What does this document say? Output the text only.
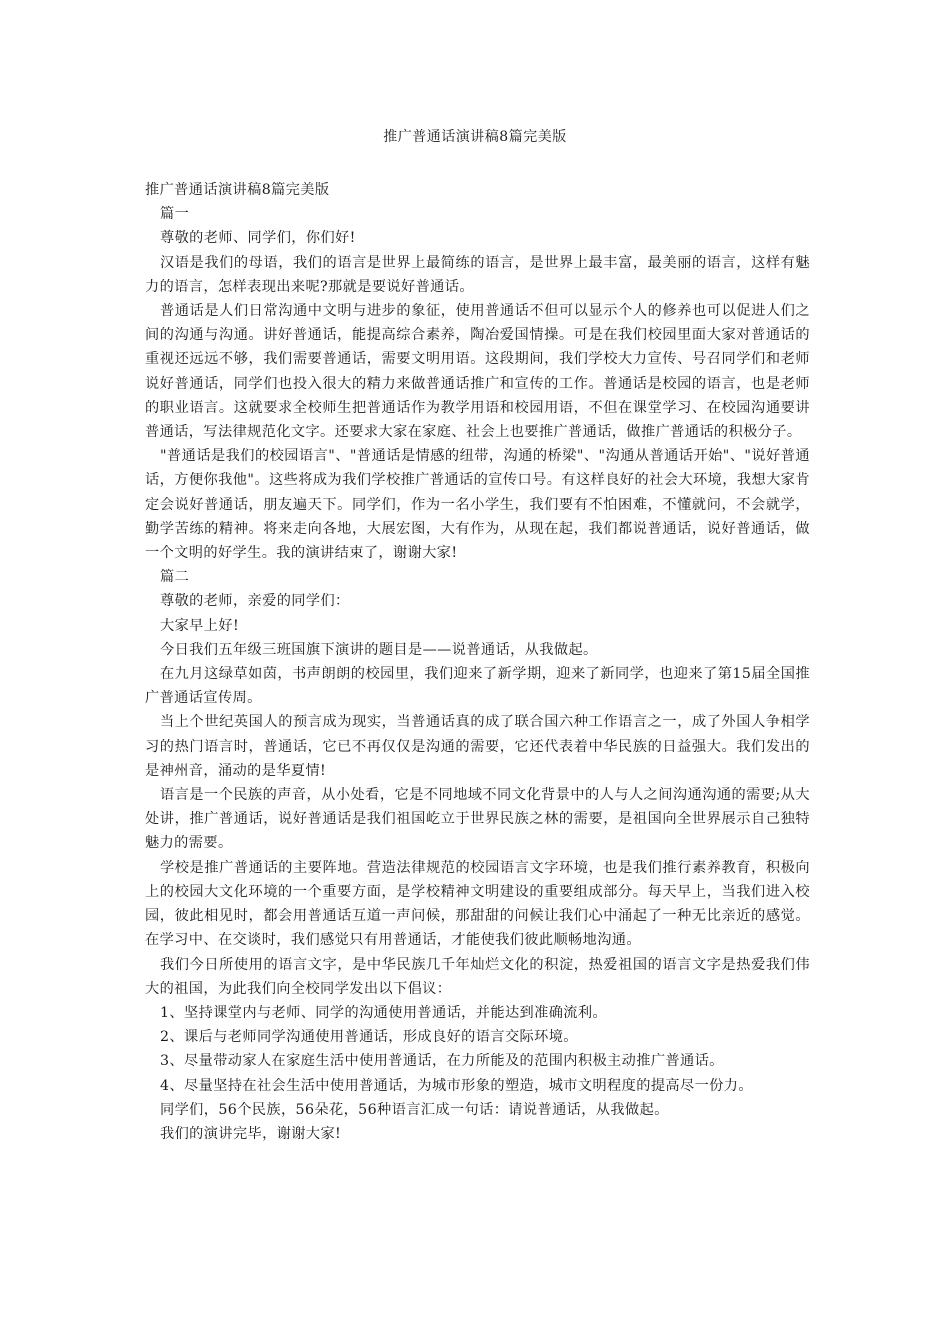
推广普通话演讲稿8篇完美版

推广普通话演讲稿8篇完美版

篇一

尊敬的老师、同学们，你们好!

汉语是我们的母语，我们的语言是世界上最简练的语言，是世界上最丰富，最美丽的语言，这样有魅力的语言，怎样表现出来呢?那就是要说好普通话。

普通话是人们日常沟通中文明与进步的象征，使用普通话不但可以显示个人的修养也可以促进人们之间的沟通与沟通。讲好普通话，能提高综合素养，陶冶爱国情操。可是在我们校园里面大家对普通话的重视还远远不够，我们需要普通话，需要文明用语。这段期间，我们学校大力宣传、号召同学们和老师说好普通话，同学们也投入很大的精力来做普通话推广和宣传的工作。普通话是校园的语言，也是老师的职业语言。这就要求全校师生把普通话作为教学用语和校园用语，不但在课堂学习、在校园沟通要讲普通话，写法律规范化文字。还要求大家在家庭、社会上也要推广普通话，做推广普通话的积极分子。

"普通话是我们的校园语言"、"普通话是情感的纽带，沟通的桥梁"、"沟通从普通话开始"、"说好普通话，方便你我他"。这些将成为我们学校推广普通话的宣传口号。有这样良好的社会大环境，我想大家肯定会说好普通话，朋友遍天下。同学们，作为一名小学生，我们要有不怕困难，不懂就问，不会就学，勤学苦练的精神。将来走向各地，大展宏图，大有作为，从现在起，我们都说普通话，说好普通话，做一个文明的好学生。我的演讲结束了，谢谢大家!

篇二

尊敬的老师，亲爱的同学们：

大家早上好!

今日我们五年级三班国旗下演讲的题目是——说普通话，从我做起。

在九月这绿草如茵，书声朗朗的校园里，我们迎来了新学期，迎来了新同学，也迎来了第15届全国推广普通话宣传周。

当上个世纪英国人的预言成为现实，当普通话真的成了联合国六种工作语言之一，成了外国人争相学习的热门语言时，普通话，它已不再仅仅是沟通的需要，它还代表着中华民族的日益强大。我们发出的是神州音，涌动的是华夏情!

语言是一个民族的声音，从小处看，它是不同地域不同文化背景中的人与人之间沟通沟通的需要;从大处讲，推广普通话，说好普通话是我们祖国屹立于世界民族之林的需要，是祖国向全世界展示自己独特魅力的需要。

学校是推广普通话的主要阵地。营造法律规范的校园语言文字环境，也是我们推行素养教育，积极向上的校园大文化环境的一个重要方面，是学校精神文明建设的重要组成部分。每天早上，当我们进入校园，彼此相见时，都会用普通话互道一声问候，那甜甜的问候让我们心中涌起了一种无比亲近的感觉。在学习中、在交谈时，我们感觉只有用普通话，才能使我们彼此顺畅地沟通。

我们今日所使用的语言文字，是中华民族几千年灿烂文化的积淀，热爱祖国的语言文字是热爱我们伟大的祖国，为此我们向全校同学发出以下倡议：

1、坚持课堂内与老师、同学的沟通使用普通话，并能达到准确流利。

2、课后与老师同学沟通使用普通话，形成良好的语言交际环境。

3、尽量带动家人在家庭生活中使用普通话，在力所能及的范围内积极主动推广普通话。

4、尽量坚持在社会生活中使用普通话，为城市形象的塑造，城市文明程度的提高尽一份力。

同学们，56个民族，56朵花，56种语言汇成一句话：请说普通话，从我做起。

我们的演讲完毕，谢谢大家!
